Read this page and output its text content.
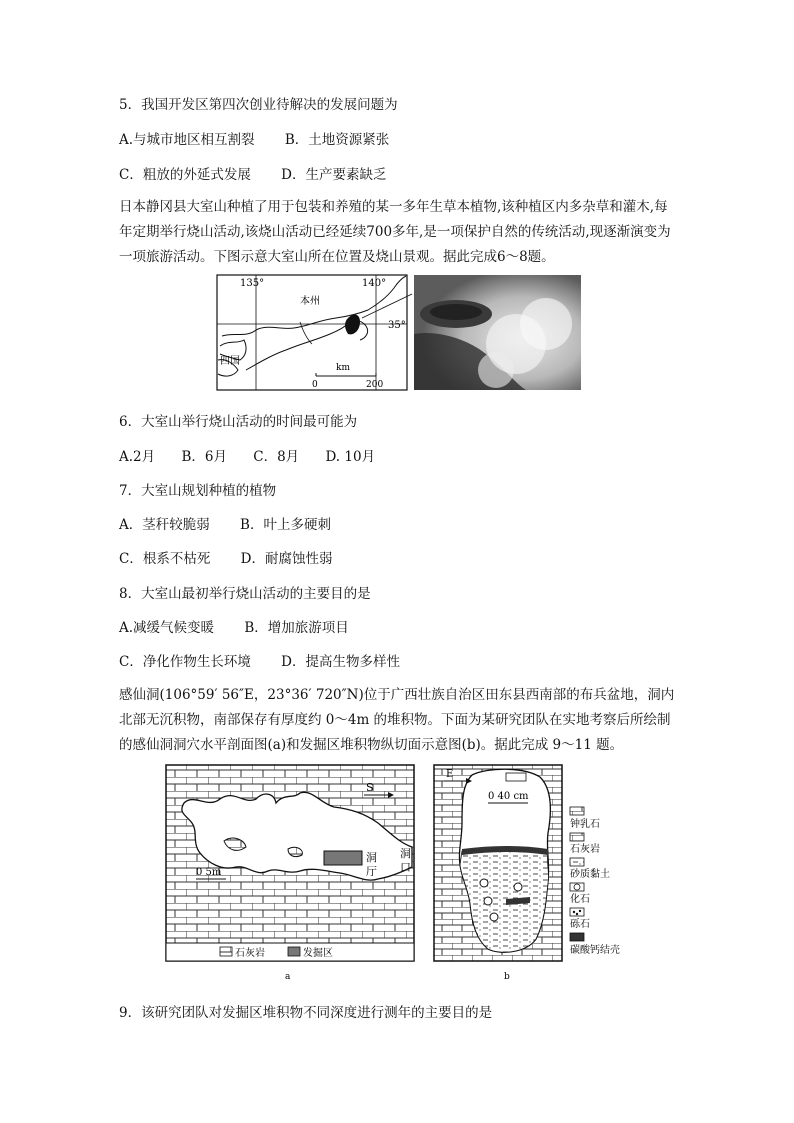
5．我国开发区第四次创业待解决的发展问题为
A.与城市地区相互割裂 B．土地资源紧张
C．粗放的外延式发展 D．生产要素缺乏
日本静冈县大室山种植了用于包装和养殖的某一多年生草本植物,该种植区内多杂草和灌木,每年定期举行烧山活动,该烧山活动已经延续700多年,是一项保护自然的传统活动,现逐渐演变为一项旅游活动。下图示意大室山所在位置及烧山景观。据此完成6～8题。
135°	140°
35°
本州
四国
km
0	200
6．大室山举行烧山活动的时间最可能为
A.2月 B．6月 C．8月 D. 10月
7．大室山规划种植的植物
A．茎秆较脆弱 B．叶上多硬刺
C．根系不枯死 D．耐腐蚀性弱
8．大室山最初举行烧山活动的主要目的是
A.减缓气候变暖 B．增加旅游项目
C．净化作物生长环境 D．提高生物多样性
感仙洞(106°59′ 56″E，23°36′ 720″N)位于广西壮族自治区田东县西南部的布兵盆地，洞内北部无沉积物，南部保存有厚度约 0～4m 的堆积物。下面为某研究团队在实地考察后所绘制的感仙洞洞穴水平剖面图(a)和发掘区堆积物纵切面示意图(b)。据此完成 9～11 题。
S
0 5m
洞
厅
洞
口
石灰岩	发掘区
a
E
0 40 cm
钟乳石
石灰岩
砂质黏土
化石
砾石
碳酸钙结壳
b
9．该研究团队对发掘区堆积物不同深度进行测年的主要目的是
